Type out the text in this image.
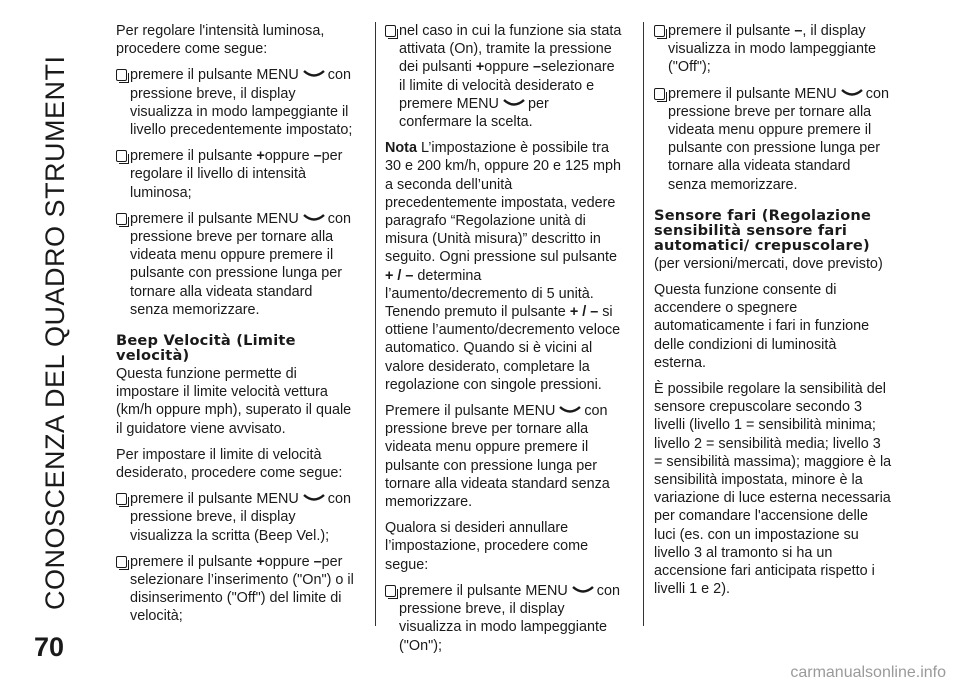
CONOSCENZA DEL QUADRO STRUMENTI
70

Per regolare l'intensità luminosa, procedere come segue:

premere il pulsante MENU con pressione breve, il display visualizza in modo lampeggiante il livello precedentemente impostato;
premere il pulsante +oppure –per regolare il livello di intensità luminosa;
premere il pulsante MENU con pressione breve per tornare alla videata menu oppure premere il pulsante con pressione lunga per tornare alla videata standard senza memorizzare.
Beep Velocità (Limite velocità)

Questa funzione permette di impostare il limite velocità vettura (km/h oppure mph), superato il quale il guidatore viene avvisato.

Per impostare il limite di velocità desiderato, procedere come segue:

premere il pulsante MENU con pressione breve, il display visualizza la scritta (Beep Vel.);
premere il pulsante +oppure –per selezionare l’inserimento ("On") o il disinserimento ("Off") del limite di velocità;
nel caso in cui la funzione sia stata attivata (On), tramite la pressione dei pulsanti +oppure –selezionare il limite di velocità desiderato e premere MENU per confermare la scelta.

Nota L’impostazione è possibile tra 30 e 200 km/h, oppure 20 e 125 mph a seconda dell’unità precedentemente impostata, vedere paragrafo “Regolazione unità di misura (Unità misura)” descritto in seguito. Ogni pressione sul pulsante + / – determina l’aumento/decremento di 5 unità. Tenendo premuto il pulsante + / – si ottiene l’aumento/decremento veloce automatico. Quando si è vicini al valore desiderato, completare la regolazione con singole pressioni.

Premere il pulsante MENU con pressione breve per tornare alla videata menu oppure premere il pulsante con pressione lunga per tornare alla videata standard senza memorizzare.

Qualora si desideri annullare l’impostazione, procedere come segue:

premere il pulsante MENU con pressione breve, il display visualizza in modo lampeggiante ("On");
premere il pulsante –, il display visualizza in modo lampeggiante ("Off");
premere il pulsante MENU con pressione breve per tornare alla videata menu oppure premere il pulsante con pressione lunga per tornare alla videata standard senza memorizzare.
Sensore fari (Regolazione sensibilità sensore fari automatici/ crepuscolare)

(per versioni/mercati, dove previsto)

Questa funzione consente di accendere o spegnere automaticamente i fari in funzione delle condizioni di luminosità esterna.

È possibile regolare la sensibilità del sensore crepuscolare secondo 3 livelli (livello 1 = sensibilità minima; livello 2 = sensibilità media; livello 3 = sensibilità massima); maggiore è la sensibilità impostata, minore è la variazione di luce esterna necessaria per comandare l'accensione delle luci (es. con un impostazione su livello 3 al tramonto si ha un accensione fari anticipata rispetto i livelli 1 e 2).

carmanualsonline.info
